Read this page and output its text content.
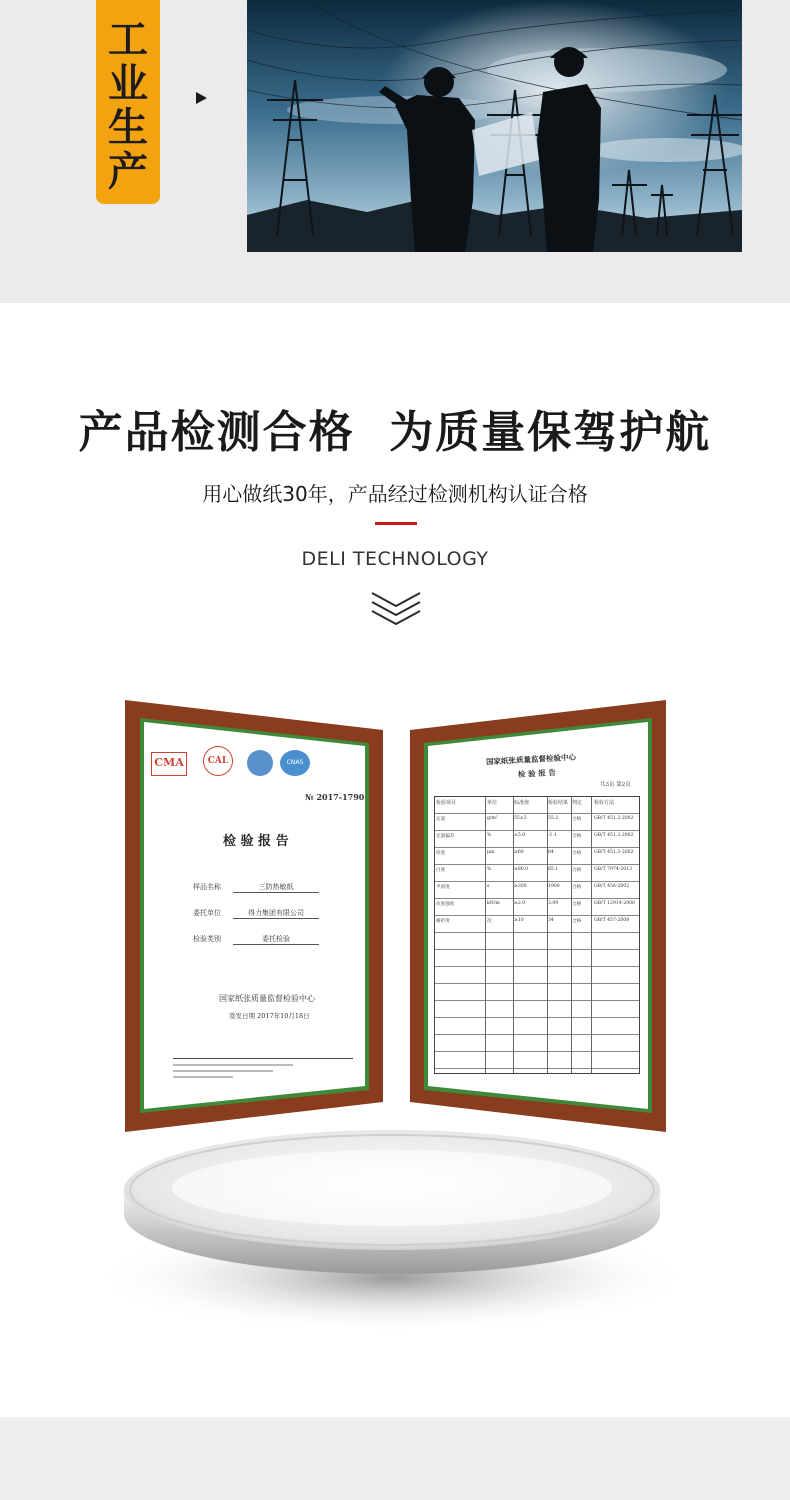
工
业
生
产
产品检测合格  为质量保驾护航
用心做纸30年，产品经过检测机构认证合格
DELI TECHNOLOGY
CMA	CAL	CNAS
№ 2017-1790
检 验 报 告
样品名称	三防热敏纸
委托单位	得力集团有限公司
检验类别	委托检验
国家纸张质量监督检验中心
签发日期 2017年10月18日
国家纸张质量监督检验中心
检 验 报 告
共3页 第2页
检验项目	单位	标准值	检验结果 判定 检验方法
定量	g/m²	55±3	55.2	合格	GB/T 451.2-2002
定量偏差	%	±5.0	-1.1	合格	GB/T 451.2-2002
厚度	μm	≥60	64	合格	GB/T 451.3-2002
白度	%	≥80.0	85.1	合格	GB/T 7974-2013
平滑度	s	≥300	1900	合格	GB/T 456-2002
抗张强度	kN/m	≥2.0	3.09	合格	GB/T 12914-2008
耐折度	次	≥10	34	合格	GB/T 457-2008
